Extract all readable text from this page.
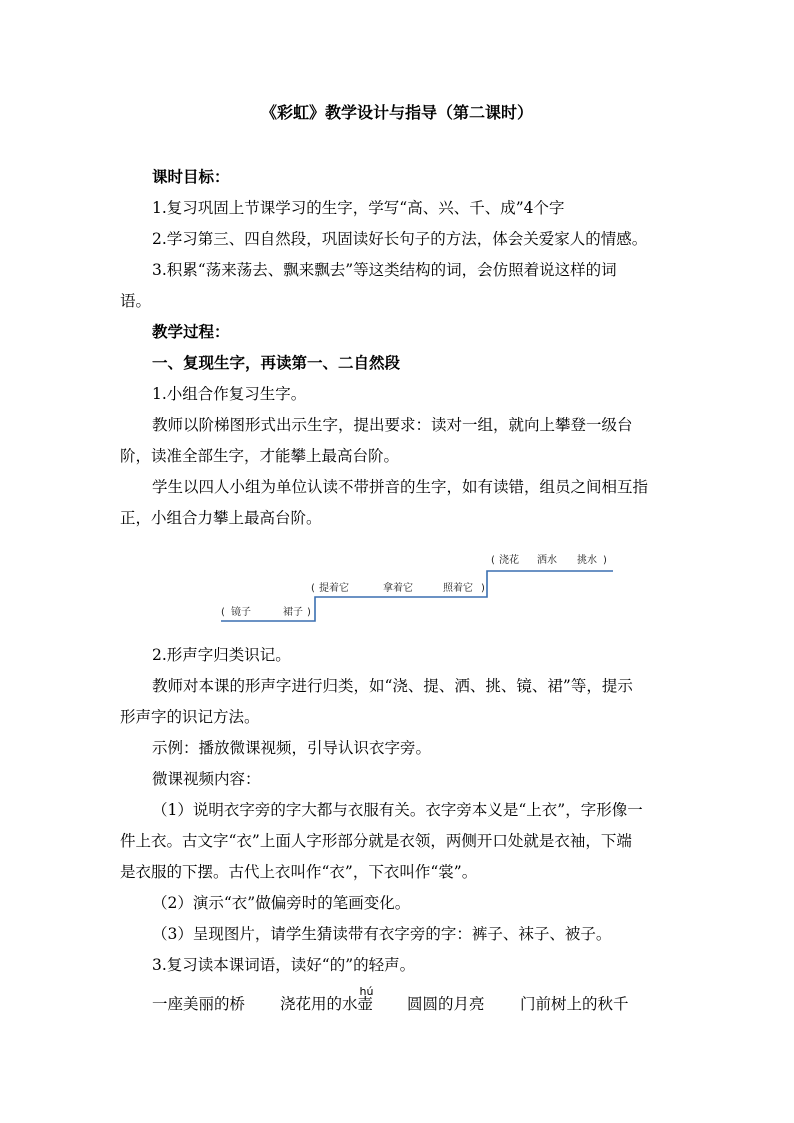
《彩虹》教学设计与指导（第二课时）
课时目标：
1.复习巩固上节课学习的生字，学写“高、兴、千、成”4个字
2.学习第三、四自然段，巩固读好长句子的方法，体会关爱家人的情感。
3.积累“荡来荡去、飘来飘去”等这类结构的词，会仿照着说这样的词
语。
教学过程：
一、复现生字，再读第一、二自然段
1.小组合作复习生字。
教师以阶梯图形式出示生字，提出要求：读对一组，就向上攀登一级台
阶，读准全部生字，才能攀上最高台阶。
学生以四人小组为单位认读不带拼音的生字，如有读错，组员之间相互指
正，小组合力攀上最高台阶。
( 镜子	裙子 )
( 提着它	拿着它	照着它 )
( 浇花 洒水 挑水 )
2.形声字归类识记。
教师对本课的形声字进行归类，如“浇、提、洒、挑、镜、裙”等，提示
形声字的识记方法。
示例：播放微课视频，引导认识衣字旁。
微课视频内容：
（1）说明衣字旁的字大都与衣服有关。衣字旁本义是“上衣”，字形像一
件上衣。古文字“衣”上面人字形部分就是衣领，两侧开口处就是衣袖，下端
是衣服的下摆。古代上衣叫作“衣”，下衣叫作“裳”。
（2）演示“衣”做偏旁时的笔画变化。
（3）呈现图片，请学生猜读带有衣字旁的字：裤子、袜子、被子。
3.复习读本课词语，读好“的”的轻声。
一座美丽的桥 浇花用的水
hú
壶 圆圆的月亮 门前树上的秋千
